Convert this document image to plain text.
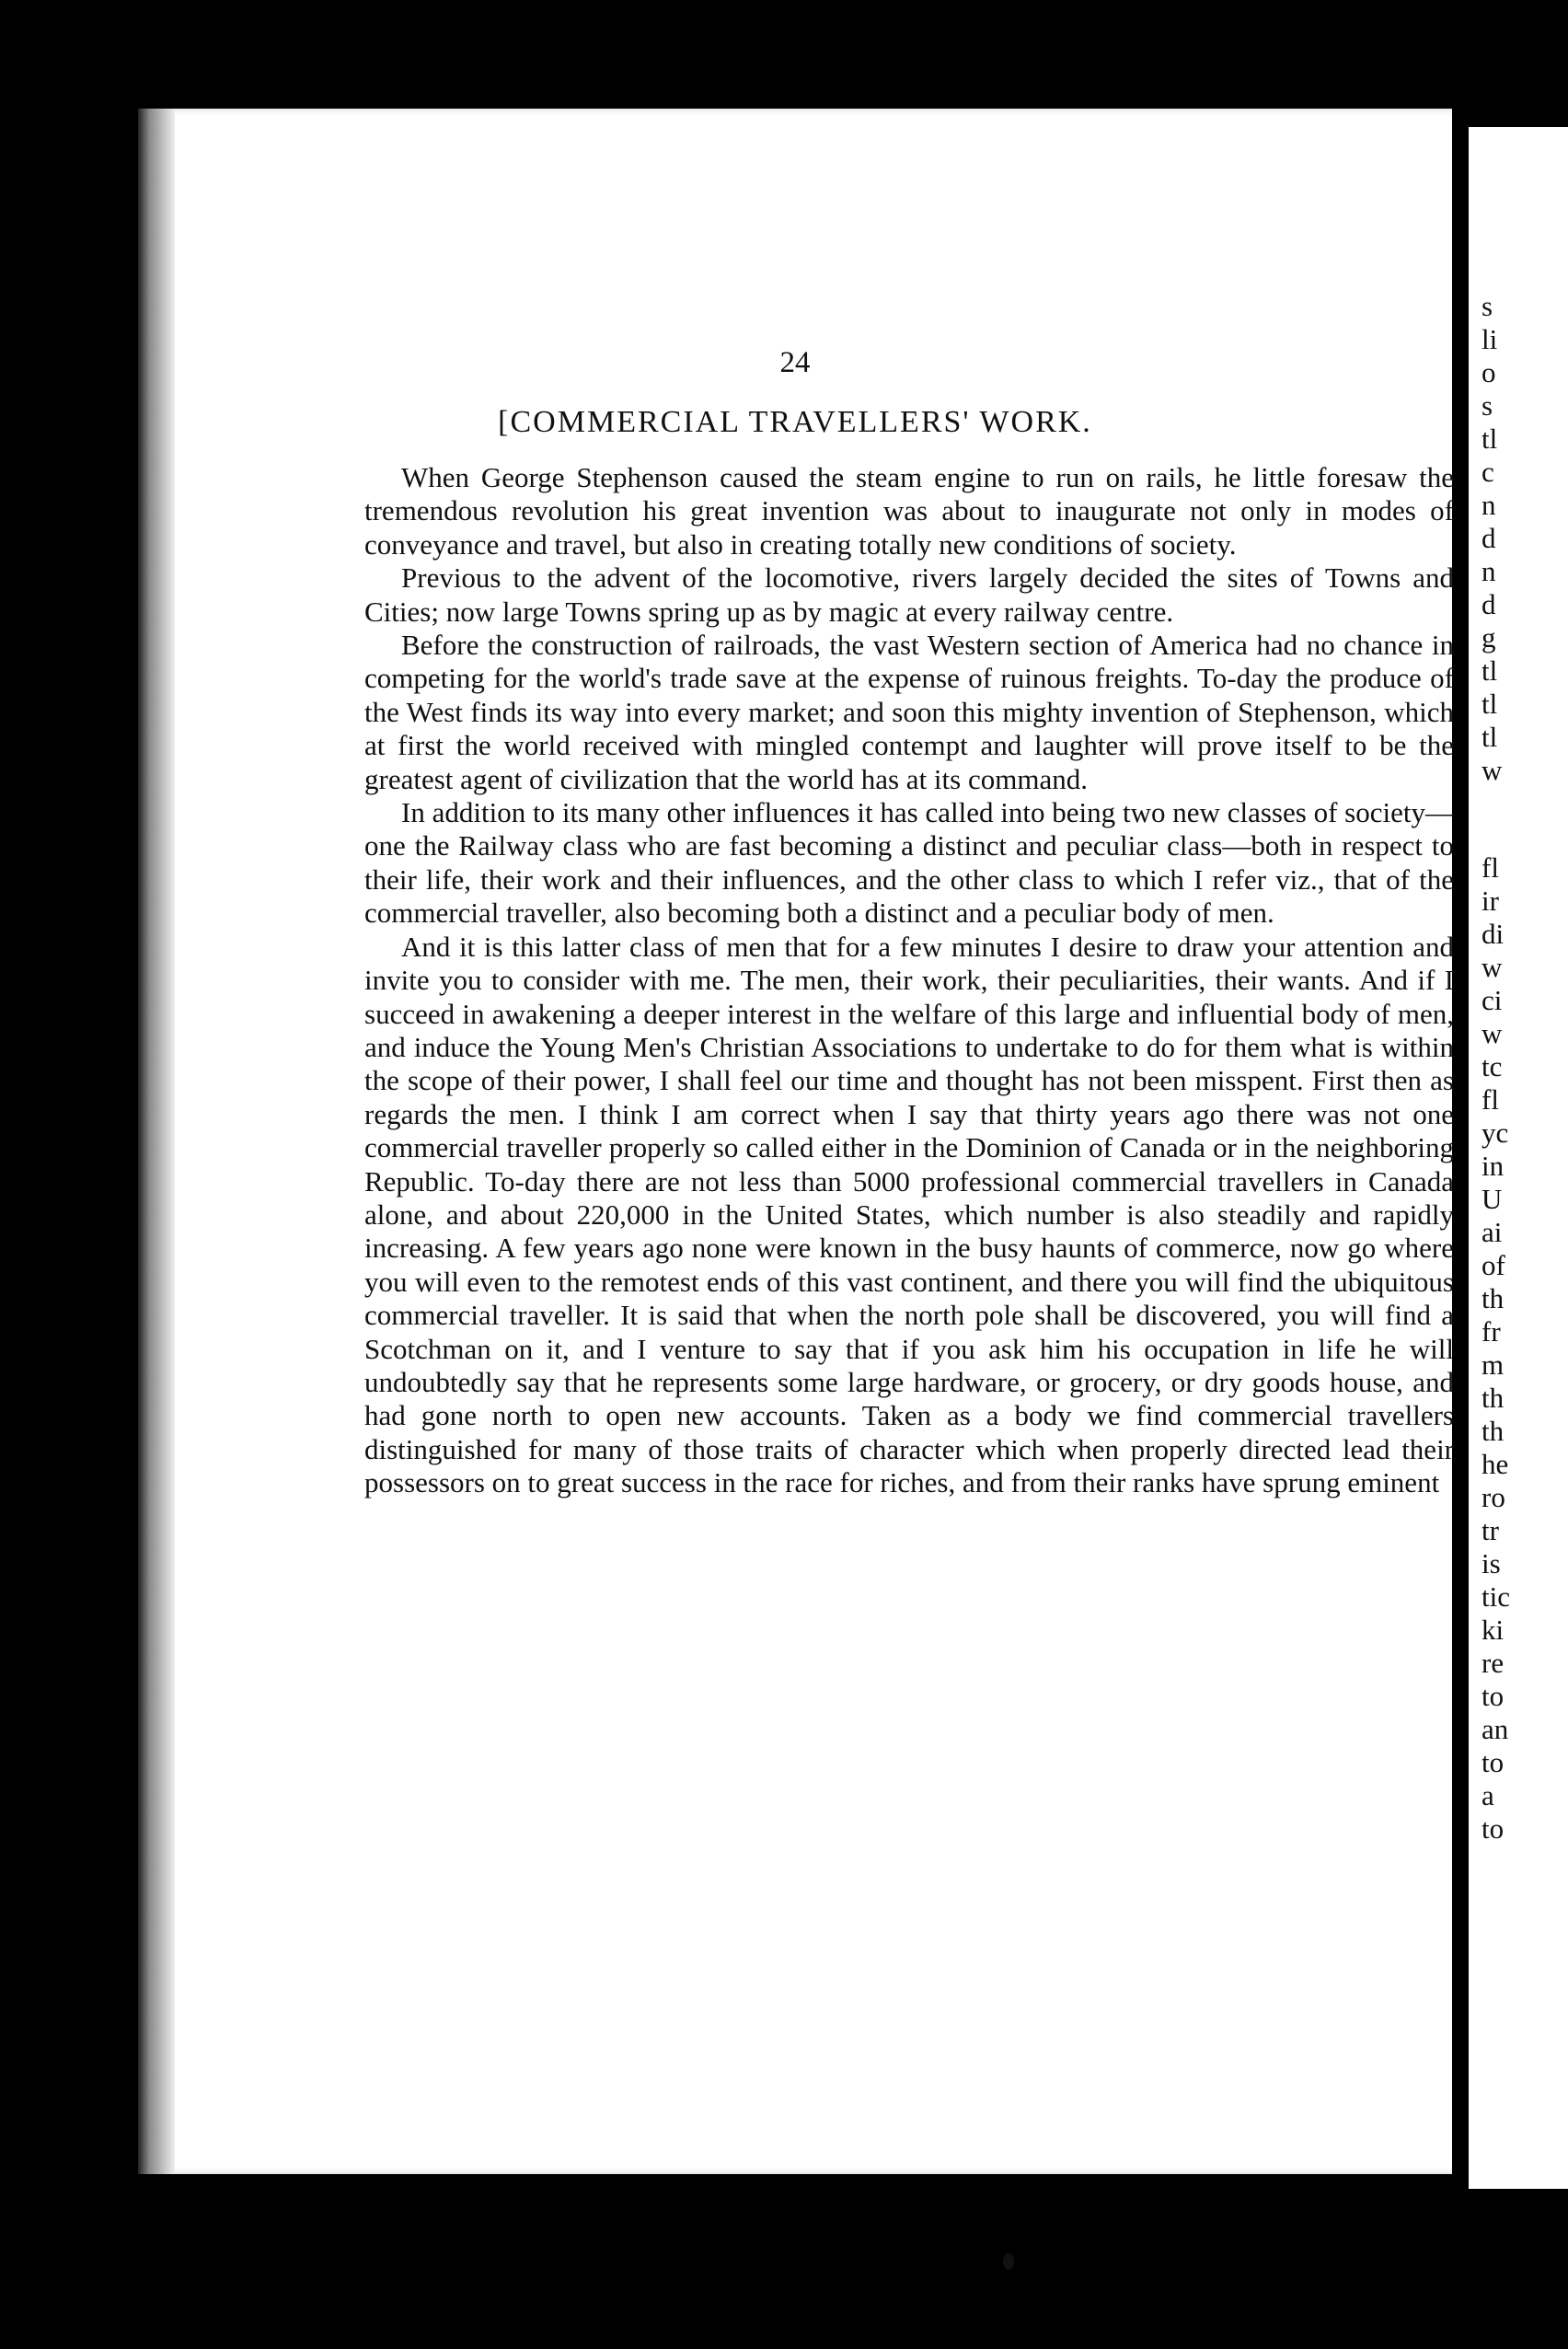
24
[COMMERCIAL TRAVELLERS' WORK.

When George Stephenson caused the steam engine to run on rails, he little foresaw the tremendous revolution his great invention was about to inaugurate not only in modes of conveyance and travel, but also in creating totally new conditions of society.

Previous to the advent of the locomotive, rivers largely decided the sites of Towns and Cities; now large Towns spring up as by magic at every railway centre.

Before the construction of railroads, the vast Western section of America had no chance in competing for the world's trade save at the expense of ruinous freights. To-day the produce of the West finds its way into every market; and soon this mighty invention of Stephenson, which at first the world received with mingled contempt and laughter will prove itself to be the greatest agent of civilization that the world has at its command.

In addition to its many other influences it has called into being two new classes of society—one the Railway class who are fast becoming a distinct and peculiar class—both in respect to their life, their work and their influences, and the other class to which I refer viz., that of the commercial traveller, also becoming both a distinct and a peculiar body of men.

And it is this latter class of men that for a few minutes I desire to draw your attention and invite you to consider with me. The men, their work, their peculiarities, their wants. And if I succeed in awakening a deeper interest in the welfare of this large and influential body of men, and induce the Young Men's Christian Associations to undertake to do for them what is within the scope of their power, I shall feel our time and thought has not been misspent. First then as regards the men. I think I am correct when I say that thirty years ago there was not one commercial traveller properly so called either in the Dominion of Canada or in the neighboring Republic. To-day there are not less than 5000 professional commercial travellers in Canada alone, and about 220,000 in the United States, which number is also steadily and rapidly increasing. A few years ago none were known in the busy haunts of commerce, now go where you will even to the remotest ends of this vast continent, and there you will find the ubiquitous commercial traveller. It is said that when the north pole shall be discovered, you will find a Scotchman on it, and I venture to say that if you ask him his occupation in life he will undoubtedly say that he represents some large hardware, or grocery, or dry goods house, and had gone north to open new accounts. Taken as a body we find commercial travellers distinguished for many of those traits of character which when properly directed lead their possessors on to great success in the race for riches, and from their ranks have sprung eminent

s
li
o
s
tl
c
n
d
n
d
g
tl
tl
tl
w
fl
ir
di
w
ci
w
tc
fl
yc
in
U
ai
of
th
fr
m
th
th
he
ro
tr
is
tic
ki
re
to
an
to
a
to
